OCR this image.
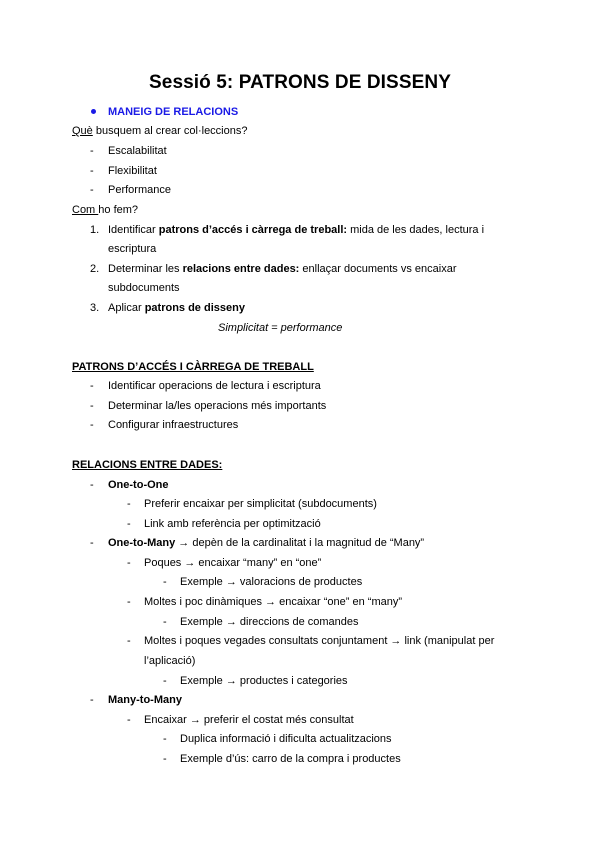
Sessió 5: PATRONS DE DISSENY
MANEIG DE RELACIONS
Què busquem al crear col·leccions?
- Escalabilitat
- Flexibilitat
- Performance
Com ho fem?
1. Identificar patrons d’accés i càrrega de treball: mida de les dades, lectura i
escriptura
2. Determinar les relacions entre dades: enllaçar documents vs encaixar
subdocuments
3. Aplicar patrons de disseny
Simplicitat = performance
PATRONS D’ACCÉS I CÀRREGA DE TREBALL
- Identificar operacions de lectura i escriptura
- Determinar la/les operacions més importants
- Configurar infraestructures
RELACIONS ENTRE DADES:
- One-to-One
- Preferir encaixar per simplicitat (subdocuments)
- Link amb referència per optimització
- One-to-Many → depèn de la cardinalitat i la magnitud de “Many”
- Poques → encaixar “many” en “one”
- Exemple → valoracions de productes
- Moltes i poc dinàmiques → encaixar “one” en “many”
- Exemple → direccions de comandes
- Moltes i poques vegades consultats conjuntament → link (manipulat per
l’aplicació)
- Exemple → productes i categories
- Many-to-Many
- Encaixar → preferir el costat més consultat
- Duplica informació i dificulta actualitzacions
- Exemple d’ús: carro de la compra i productes
